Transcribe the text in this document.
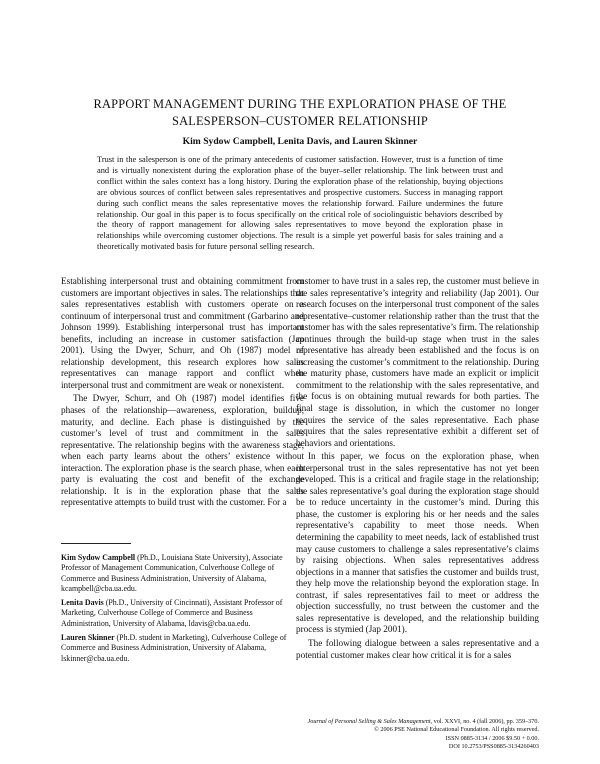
RAPPORT MANAGEMENT DURING THE EXPLORATION PHASE OF THE SALESPERSON–CUSTOMER RELATIONSHIP
Kim Sydow Campbell, Lenita Davis, and Lauren Skinner

Trust in the salesperson is one of the primary antecedents of customer satisfaction. However, trust is a function of time and is virtually nonexistent during the exploration phase of the buyer–seller relationship. The link between trust and conflict within the sales context has a long history. During the exploration phase of the relationship, buying objections are obvious sources of conflict between sales representatives and prospective customers. Success in managing rapport during such conflict means the sales representative moves the relationship forward. Failure undermines the future relationship. Our goal in this paper is to focus specifically on the critical role of sociolinguistic behaviors described by the theory of rapport management for allowing sales representatives to move beyond the exploration phase in relationships while overcoming customer objections. The result is a simple yet powerful basis for sales training and a theoretically motivated basis for future personal selling research.

Establishing interpersonal trust and obtaining commitment from customers are important objectives in sales. The relationships that sales representatives establish with customers operate on a continuum of interpersonal trust and commitment (Garbarino and Johnson 1999). Establishing interpersonal trust has important benefits, including an increase in customer satisfaction (Jap 2001). Using the Dwyer, Schurr, and Oh (1987) model of relationship development, this research explores how sales representatives can manage rapport and conflict when interpersonal trust and commitment are weak or nonexistent.

The Dwyer, Schurr, and Oh (1987) model identifies five phases of the relationship—awareness, exploration, buildup, maturity, and decline. Each phase is distinguished by the customer’s level of trust and commitment in the sales representative. The relationship begins with the awareness stage, when each party learns about the others’ existence without interaction. The exploration phase is the search phase, when each party is evaluating the cost and benefit of the exchange relationship. It is in the exploration phase that the sales representative attempts to build trust with the customer. For a

customer to have trust in a sales rep, the customer must believe in the sales representative’s integrity and reliability (Jap 2001). Our research focuses on the interpersonal trust component of the sales representative–customer relationship rather than the trust that the customer has with the sales representative’s firm. The relationship continues through the build-up stage when trust in the sales representative has already been established and the focus is on increasing the customer’s commitment to the relationship. During the maturity phase, customers have made an explicit or implicit commitment to the relationship with the sales representative, and the focus is on obtaining mutual rewards for both parties. The final stage is dissolution, in which the customer no longer requires the service of the sales representative. Each phase requires that the sales representative exhibit a different set of behaviors and orientations.

In this paper, we focus on the exploration phase, when interpersonal trust in the sales representative has not yet been developed. This is a critical and fragile stage in the relationship; the sales representative’s goal during the exploration stage should be to reduce uncertainty in the customer’s mind. During this phase, the customer is exploring his or her needs and the sales representative’s capability to meet those needs. When determining the capability to meet needs, lack of established trust may cause customers to challenge a sales representative’s claims by raising objections. When sales representatives address objections in a manner that satisfies the customer and builds trust, they help move the relationship beyond the exploration stage. In contrast, if sales representatives fail to meet or address the objection successfully, no trust between the customer and the sales representative is developed, and the relationship building process is stymied (Jap 2001).

The following dialogue between a sales representative and a potential customer makes clear how critical it is for a sales

Kim Sydow Campbell (Ph.D., Louisiana State University), Associate Professor of Management Communication, Culverhouse College of Commerce and Business Administration, University of Alabama, kcampbell@cba.ua.edu.

Lenita Davis (Ph.D., University of Cincinnati), Assistant Professor of Marketing, Culverhouse College of Commerce and Business Administration, University of Alabama, ldavis@cba.ua.edu.

Lauren Skinner (Ph.D. student in Marketing), Culverhouse College of Commerce and Business Administration, University of Alabama, lskinner@cba.ua.edu.

Journal of Personal Selling & Sales Management, vol. XXVI, no. 4 (fall 2006), pp. 359–370.
© 2006 PSE National Educational Foundation. All rights reserved.
ISSN 0885-3134 / 2006 $9.50 + 0.00.
DOI 10.2753/PSS0885-3134260403
